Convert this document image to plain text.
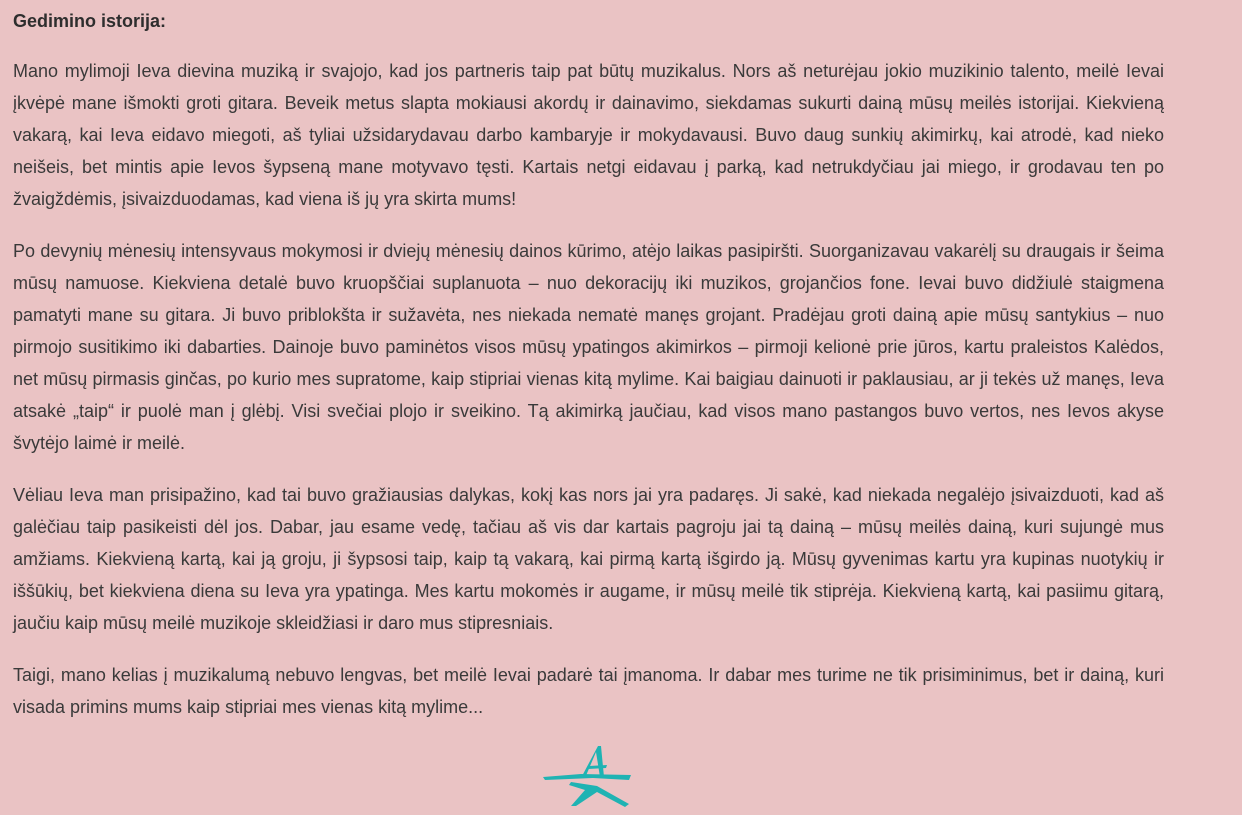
Gedimino istorija:

Mano mylimoji Ieva dievina muziką ir svajojo, kad jos partneris taip pat būtų muzikalus. Nors aš neturėjau jokio muzikinio talento, meilė Ievai įkvėpė mane išmokti groti gitara. Beveik metus slapta mokiausi akordų ir dainavimo, siekdamas sukurti dainą mūsų meilės istorijai. Kiekvieną vakarą, kai Ieva eidavo miegoti, aš tyliai užsidarydavau darbo kambaryje ir mokydavausi. Buvo daug sunkių akimirkų, kai atrodė, kad nieko neišeis, bet mintis apie Ievos šypseną mane motyvavo tęsti. Kartais netgi eidavau į parką, kad netrukdyčiau jai miego, ir grodavau ten po žvaigždėmis, įsivaizduodamas, kad viena iš jų yra skirta mums!

Po devynių mėnesių intensyvaus mokymosi ir dviejų mėnesių dainos kūrimo, atėjo laikas pasipiršti. Suorganizavau vakarėlį su draugais ir šeima mūsų namuose. Kiekviena detalė buvo kruopščiai suplanuota – nuo dekoracijų iki muzikos, grojančios fone. Ievai buvo didžiulė staigmena pamatyti mane su gitara. Ji buvo priblokšta ir sužavėta, nes niekada nematė manęs grojant. Pradėjau groti dainą apie mūsų santykius – nuo pirmojo susitikimo iki dabarties. Dainoje buvo paminėtos visos mūsų ypatingos akimirkos – pirmoji kelionė prie jūros, kartu praleistos Kalėdos, net mūsų pirmasis ginčas, po kurio mes supratome, kaip stipriai vienas kitą mylime. Kai baigiau dainuoti ir paklausiau, ar ji tekės už manęs, Ieva atsakė „taip“ ir puolė man į glėbį. Visi svečiai plojo ir sveikino. Tą akimirką jaučiau, kad visos mano pastangos buvo vertos, nes Ievos akyse švytėjo laimė ir meilė.

Vėliau Ieva man prisipažino, kad tai buvo gražiausias dalykas, kokį kas nors jai yra padaręs. Ji sakė, kad niekada negalėjo įsivaizduoti, kad aš galėčiau taip pasikeisti dėl jos. Dabar, jau esame vedę, tačiau aš vis dar kartais pagroju jai tą dainą – mūsų meilės dainą, kuri sujungė mus amžiams. Kiekvieną kartą, kai ją groju, ji šypsosi taip, kaip tą vakarą, kai pirmą kartą išgirdo ją. Mūsų gyvenimas kartu yra kupinas nuotykių ir iššūkių, bet kiekviena diena su Ieva yra ypatinga. Mes kartu mokomės ir augame, ir mūsų meilė tik stiprėja. Kiekvieną kartą, kai pasiimu gitarą, jaučiu kaip mūsų meilė muzikoje skleidžiasi ir daro mus stipresniais.

Taigi, mano kelias į muzikalumą nebuvo lengvas, bet meilė Ievai padarė tai įmanoma. Ir dabar mes turime ne tik prisiminimus, bet ir dainą, kuri visada primins mums kaip stipriai mes vienas kitą mylime...
